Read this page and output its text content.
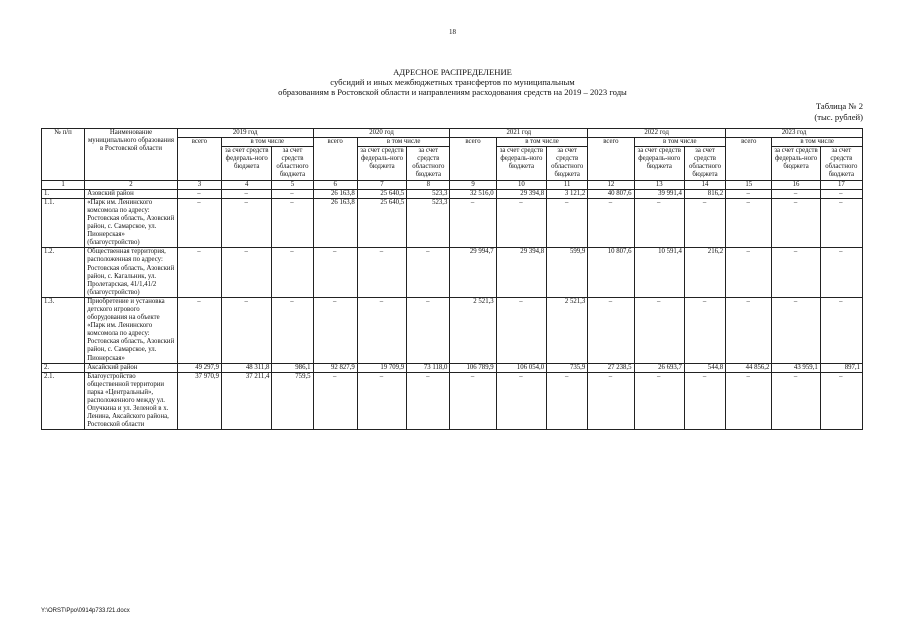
18
АДРЕСНОЕ РАСПРЕДЕЛЕНИЕ
субсидий и иных межбюджетных трансфертов по муниципальным
образованиям в Ростовской области и направлениям расходования средств на 2019 – 2023 годы
Таблица № 2
(тыс. рублей)
№ п/п	Наименование муниципального образования в Ростовской области	2019 год			2020 год			2021 год			2022 год			2023 год		
		всего	в том числе		всего	в том числе		всего	в том числе		всего	в том числе		всего	в том числе	
			за счет средств федераль-ного бюджета	за счет средств областного бюджета		за счет средств федераль-ного бюджета	за счет средств областного бюджета		за счет средств федераль-ного бюджета	за счет средств областного бюджета		за счет средств федераль-ного бюджета	за счет средств областного бюджета		за счет средств федераль-ного бюджета	за счет средств областного бюджета
1	2	3	4	5	6	7	8	9	10	11	12	13	14	15	16	17
1.	Азовский район	–	–	–	26 163,8	25 640,5	523,3	32 516,0	29 394,8	3 121,2	40 807,6	39 991,4	816,2	–	–	–
1.1.	«Парк им. Ленинского комсомола по адресу: Ростовская область, Азовский район, с. Самарское, ул. Пионерская» (благоустройство)	–	–	–	26 163,8	25 640,5	523,3	–	–	–	–	–	–	–	–	–
1.2.	Общественная территория, расположенная по адресу: Ростовская область, Азовский район, с. Кагальник, ул. Пролетарская, 41/1,41/2 (благоустройство)	–	–	–	–	–	–	29 994,7	29 394,8	599,9	10 807,6	10 591,4	216,2	–	–	–
1.3.	Приобретение и установка детского игрового оборудования на объекте «Парк им. Ленинского комсомола по адресу: Ростовская область, Азовский район, с. Самарское, ул. Пионерская»	–	–	–	–	–	–	2 521,3	–	2 521,3	–	–	–	–	–	–
2.	Аксайский район	49 297,9	48 311,8	986,1	92 827,9	19 709,9	73 118,0	106 789,9	106 054,0	735,9	27 238,5	26 693,7	544,8	44 856,2	43 959,1	897,1
2.1.	Благоустройство общественной территории парка «Центральный», расположенного между ул. Опучкина и ул. Зеленой в х. Ленина, Аксайского района, Ростовской области	37 970,9	37 211,4	759,5	–	–	–	–	–	–	–	–	–	–	–	–
Y:\ORST\Ppo\0914p733.f21.docx
